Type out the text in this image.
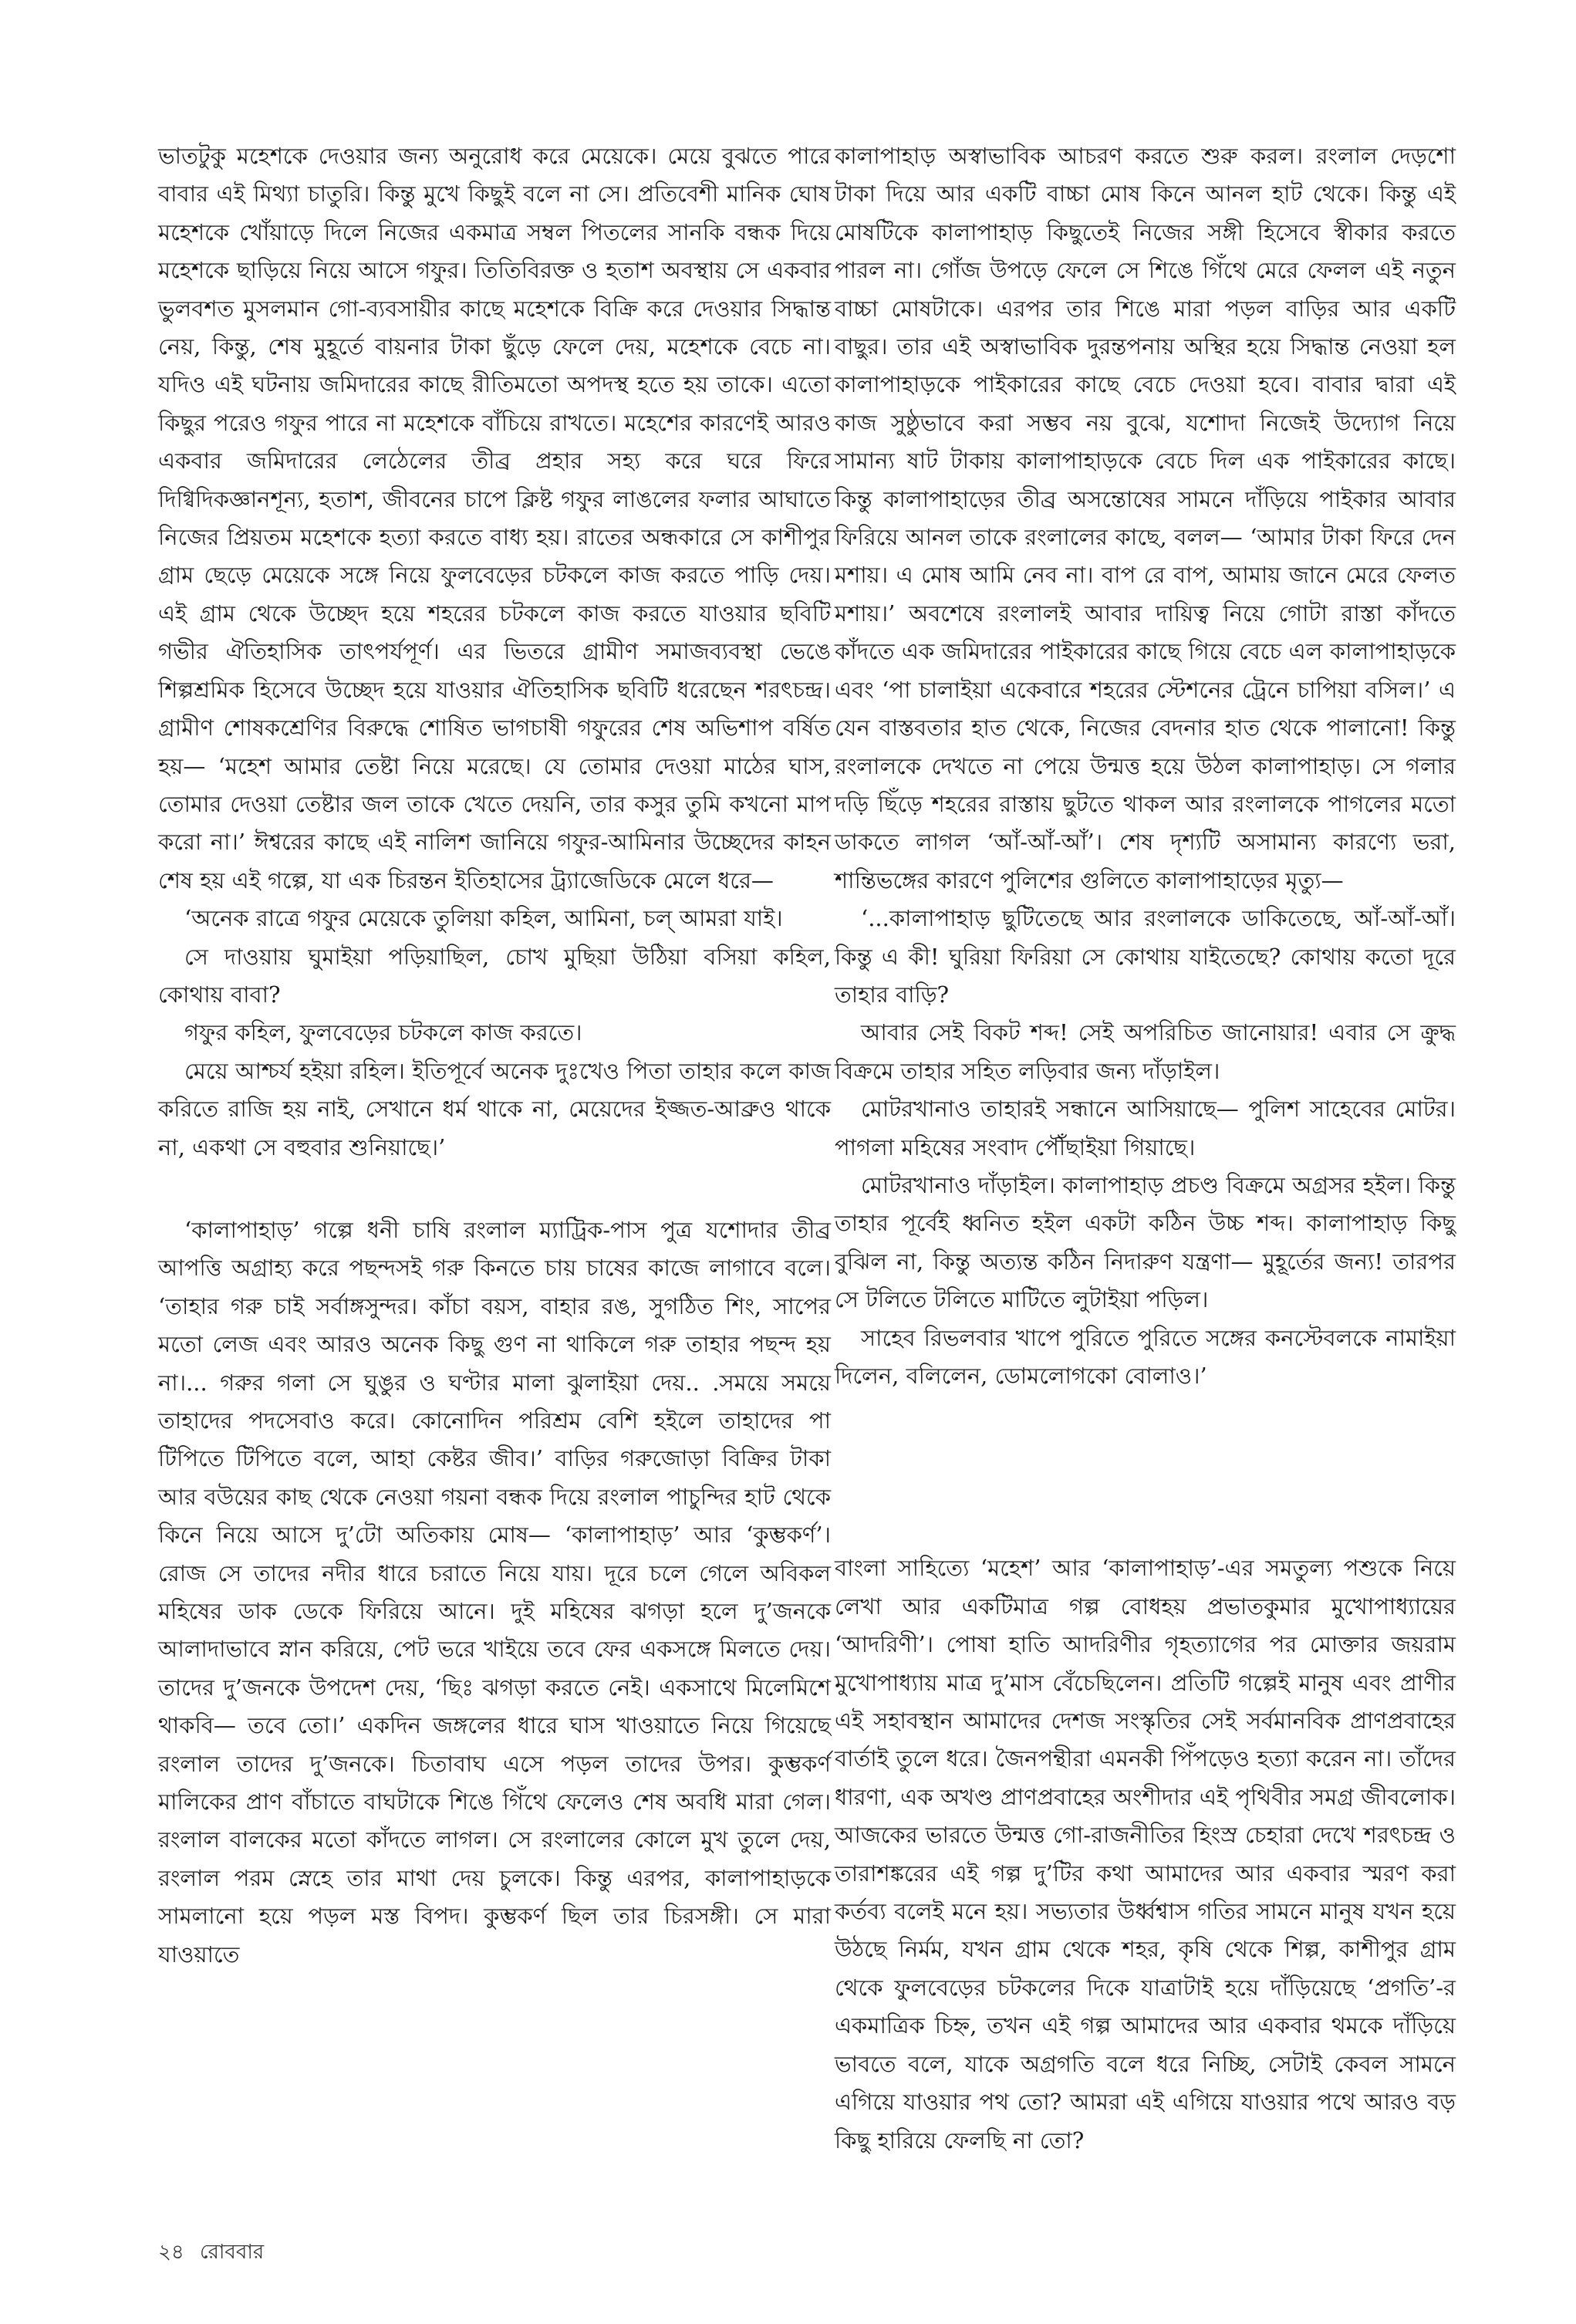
ভাতটুকু মহেশকে দেওয়ার জন্য অনুরোধ করে মেয়েকে। মেয়ে বুঝতে পারে বাবার এই মিথ্যা চাতুরি। কিন্তু মুখে কিছুই বলে না সে। প্রতিবেশী মানিক ঘোষ মহেশকে খোঁয়াড়ে দিলে নিজের একমাত্র সম্বল পিতলের সানকি বন্ধক দিয়ে মহেশকে ছাড়িয়ে নিয়ে আসে গফুর। তিতিবিরক্ত ও হতাশ অবস্থায় সে একবার ভুলবশত মুসলমান গো-ব্যবসায়ীর কাছে মহেশকে বিক্রি করে দেওয়ার সিদ্ধান্ত নেয়, কিন্তু, শেষ মুহূর্তে বায়নার টাকা ছুঁড়ে ফেলে দেয়, মহেশকে বেচে না। যদিও এই ঘটনায় জমিদারের কাছে রীতিমতো অপদস্থ হতে হয় তাকে। এতো কিছুর পরেও গফুর পারে না মহেশকে বাঁচিয়ে রাখতে। মহেশের কারণেই আরও একবার জমিদারের লেঠেলের তীব্র প্রহার সহ্য করে ঘরে ফিরে দিগ্বিদিকজ্ঞানশূন্য, হতাশ, জীবনের চাপে ক্লিষ্ট গফুর লাঙলের ফলার আঘাতে নিজের প্রিয়তম মহেশকে হত্যা করতে বাধ্য হয়। রাতের অন্ধকারে সে কাশীপুর গ্রাম ছেড়ে মেয়েকে সঙ্গে নিয়ে ফুলবেড়ের চটকলে কাজ করতে পাড়ি দেয়। এই গ্রাম থেকে উচ্ছেদ হয়ে শহরের চটকলে কাজ করতে যাওয়ার ছবিটি গভীর ঐতিহাসিক তাৎপর্যপূর্ণ। এর ভিতরে গ্রামীণ সমাজব্যবস্থা ভেঙে শিল্পশ্রমিক হিসেবে উচ্ছেদ হয়ে যাওয়ার ঐতিহাসিক ছবিটি ধরেছেন শরৎচন্দ্র। গ্রামীণ শোষকশ্রেণির বিরুদ্ধে শোষিত ভাগচাষী গফুরের শেষ অভিশাপ বর্ষিত হয়— ‘মহেশ আমার তেষ্টা নিয়ে মরেছে। যে তোমার দেওয়া মাঠের ঘাস, তোমার দেওয়া তেষ্টার জল তাকে খেতে দেয়নি, তার কসুর তুমি কখনো মাপ করো না।’ ঈশ্বরের কাছে এই নালিশ জানিয়ে গফুর-আমিনার উচ্ছেদের কাহন শেষ হয় এই গল্পে, যা এক চিরন্তন ইতিহাসের ট্র্যাজেডিকে মেলে ধরে—

‘অনেক রাত্রে গফুর মেয়েকে তুলিয়া কহিল, আমিনা, চল্‌ আমরা যাই।

সে দাওয়ায় ঘুমাইয়া পড়িয়াছিল, চোখ মুছিয়া উঠিয়া বসিয়া কহিল, কোথায় বাবা?

গফুর কহিল, ফুলবেড়ের চটকলে কাজ করতে।

মেয়ে আশ্চর্য হইয়া রহিল। ইতিপূর্বে অনেক দুঃখেও পিতা তাহার কলে কাজ করিতে রাজি হয় নাই, সেখানে ধর্ম থাকে না, মেয়েদের ইজ্জত-আব্রুও থাকে না, একথা সে বহুবার শুনিয়াছে।’

‘কালাপাহাড়’ গল্পে ধনী চাষি রংলাল ম্যাট্রিক-পাস পুত্র যশোদার তীব্র আপত্তি অগ্রাহ্য করে পছন্দসই গরু কিনতে চায় চাষের কাজে লাগাবে বলে। ‘তাহার গরু চাই সর্বাঙ্গসুন্দর। কাঁচা বয়স, বাহার রঙ, সুগঠিত শিং, সাপের মতো লেজ এবং আরও অনেক কিছু গুণ না থাকিলে গরু তাহার পছন্দ হয় না।... গরুর গলা সে ঘুঙুর ও ঘণ্টার মালা ঝুলাইয়া দেয়.. .সময়ে সময়ে তাহাদের পদসেবাও করে। কোনোদিন পরিশ্রম বেশি হইলে তাহাদের পা টিপিতে টিপিতে বলে, আহা কেষ্টর জীব।’ বাড়ির গরুজোড়া বিক্রির টাকা আর বউয়ের কাছ থেকে নেওয়া গয়না বন্ধক দিয়ে রংলাল পাচুন্দির হাট থেকে কিনে নিয়ে আসে দু’টো অতিকায় মোষ— ‘কালাপাহাড়’ আর ‘কুম্ভকর্ণ’। রোজ সে তাদের নদীর ধারে চরাতে নিয়ে যায়। দূরে চলে গেলে অবিকল মহিষের ডাক ডেকে ফিরিয়ে আনে। দুই মহিষের ঝগড়া হলে দু’জনকে আলাদাভাবে স্নান করিয়ে, পেট ভরে খাইয়ে তবে ফের একসঙ্গে মিলতে দেয়। তাদের দু’জনকে উপদেশ দেয়, ‘ছিঃ ঝগড়া করতে নেই। একসাথে মিলেমিশে থাকবি— তবে তো।’ একদিন জঙ্গলের ধারে ঘাস খাওয়াতে নিয়ে গিয়েছে রংলাল তাদের দু’জনকে। চিতাবাঘ এসে পড়ল তাদের উপর। কুম্ভকর্ণ মালিকের প্রাণ বাঁচাতে বাঘটাকে শিঙে গিঁথে ফেলেও শেষ অবধি মারা গেল। রংলাল বালকের মতো কাঁদতে লাগল। সে রংলালের কোলে মুখ তুলে দেয়, রংলাল পরম স্নেহে তার মাথা দেয় চুলকে। কিন্তু এরপর, কালাপাহাড়কে সামলানো হয়ে পড়ল মস্ত বিপদ। কুম্ভকর্ণ ছিল তার চিরসঙ্গী। সে মারা যাওয়াতে

কালাপাহাড় অস্বাভাবিক আচরণ করতে শুরু করল। রংলাল দেড়শো টাকা দিয়ে আর একটি বাচ্চা মোষ কিনে আনল হাট থেকে। কিন্তু এই মোষটিকে কালাপাহাড় কিছুতেই নিজের সঙ্গী হিসেবে স্বীকার করতে পারল না। গোঁজ উপড়ে ফেলে সে শিঙে গিঁথে মেরে ফেলল এই নতুন বাচ্চা মোষটাকে। এরপর তার শিঙে মারা পড়ল বাড়ির আর একটি বাছুর। তার এই অস্বাভাবিক দুরন্তপনায় অস্থির হয়ে সিদ্ধান্ত নেওয়া হল কালাপাহাড়কে পাইকারের কাছে বেচে দেওয়া হবে। বাবার দ্বারা এই কাজ সুষ্ঠুভাবে করা সম্ভব নয় বুঝে, যশোদা নিজেই উদ্যোগ নিয়ে সামান্য ষাট টাকায় কালাপাহাড়কে বেচে দিল এক পাইকারের কাছে। কিন্তু কালাপাহাড়ের তীব্র অসন্তোষের সামনে দাঁড়িয়ে পাইকার আবার ফিরিয়ে আনল তাকে রংলালের কাছে, বলল— ‘আমার টাকা ফিরে দেন মশায়। এ মোষ আমি নেব না। বাপ রে বাপ, আমায় জানে মেরে ফেলত মশায়।’ অবশেষে রংলালই আবার দায়িত্ব নিয়ে গোটা রাস্তা কাঁদতে কাঁদতে এক জমিদারের পাইকারের কাছে গিয়ে বেচে এল কালাপাহাড়কে এবং ‘পা চালাইয়া একেবারে শহরের স্টেশনের ট্রেনে চাপিয়া বসিল।’ এ যেন বাস্তবতার হাত থেকে, নিজের বেদনার হাত থেকে পালানো! কিন্তু রংলালকে দেখতে না পেয়ে উন্মত্ত হয়ে উঠল কালাপাহাড়। সে গলার দড়ি ছিঁড়ে শহরের রাস্তায় ছুটতে থাকল আর রংলালকে পাগলের মতো ডাকতে লাগল ‘আঁ-আঁ-আঁ’। শেষ দৃশ্যটি অসামান্য কারণ্যে ভরা, শান্তিভঙ্গের কারণে পুলিশের গুলিতে কালাপাহাড়ের মৃত্যু—

‘...কালাপাহাড় ছুটিতেছে আর রংলালকে ডাকিতেছে, আঁ-আঁ-আঁ। কিন্তু এ কী! ঘুরিয়া ফিরিয়া সে কোথায় যাইতেছে? কোথায় কতো দূরে তাহার বাড়ি?

আবার সেই বিকট শব্দ! সেই অপরিচিত জানোয়ার! এবার সে ক্রুদ্ধ বিক্রমে তাহার সহিত লড়িবার জন্য দাঁড়াইল।

মোটরখানাও তাহারই সন্ধানে আসিয়াছে— পুলিশ সাহেবের মোটর। পাগলা মহিষের সংবাদ পৌঁছাইয়া গিয়াছে।

মোটরখানাও দাঁড়াইল। কালাপাহাড় প্রচণ্ড বিক্রমে অগ্রসর হইল। কিন্তু তাহার পূর্বেই ধ্বনিত হইল একটা কঠিন উচ্চ শব্দ। কালাপাহাড় কিছু বুঝিল না, কিন্তু অত্যন্ত কঠিন নিদারুণ যন্ত্রণা— মুহূর্তের জন্য! তারপর সে টলিতে টলিতে মাটিতে লুটাইয়া পড়িল।

সাহেব রিভলবার খাপে পুরিতে পুরিতে সঙ্গের কনস্টেবলকে নামাইয়া দিলেন, বলিলেন, ডোমলোগকো বোলাও।’

বাংলা সাহিত্যে ‘মহেশ’ আর ‘কালাপাহাড়’-এর সমতুল্য পশুকে নিয়ে লেখা আর একটিমাত্র গল্প বোধহয় প্রভাতকুমার মুখোপাধ্যায়ের ‘আদরিণী’। পোষা হাতি আদরিণীর গৃহত্যাগের পর মোক্তার জয়রাম মুখোপাধ্যায় মাত্র দু’মাস বেঁচেছিলেন। প্রতিটি গল্পেই মানুষ এবং প্রাণীর এই সহাবস্থান আমাদের দেশজ সংস্কৃতির সেই সর্বমানবিক প্রাণপ্রবাহের বার্তাই তুলে ধরে। জৈনপন্থীরা এমনকী পিঁপড়েও হত্যা করেন না। তাঁদের ধারণা, এক অখণ্ড প্রাণপ্রবাহের অংশীদার এই পৃথিবীর সমগ্র জীবলোক। আজকের ভারতে উন্মত্ত গো-রাজনীতির হিংস্র চেহারা দেখে শরৎচন্দ্র ও তারাশঙ্করের এই গল্প দু’টির কথা আমাদের আর একবার স্মরণ করা কর্তব্য বলেই মনে হয়। সভ্যতার উর্ধ্বশ্বাস গতির সামনে মানুষ যখন হয়ে উঠছে নির্মম, যখন গ্রাম থেকে শহর, কৃষি থেকে শিল্প, কাশীপুর গ্রাম থেকে ফুলবেড়ের চটকলের দিকে যাত্রাটাই হয়ে দাঁড়িয়েছে ‘প্রগতি’-র একমাত্রিক চিহ্ন, তখন এই গল্প আমাদের আর একবার থমকে দাঁড়িয়ে ভাবতে বলে, যাকে অগ্রগতি বলে ধরে নিচ্ছি, সেটাই কেবল সামনে এগিয়ে যাওয়ার পথ তো? আমরা এই এগিয়ে যাওয়ার পথে আরও বড় কিছু হারিয়ে ফেলছি না তো?

২৪ রোববার
